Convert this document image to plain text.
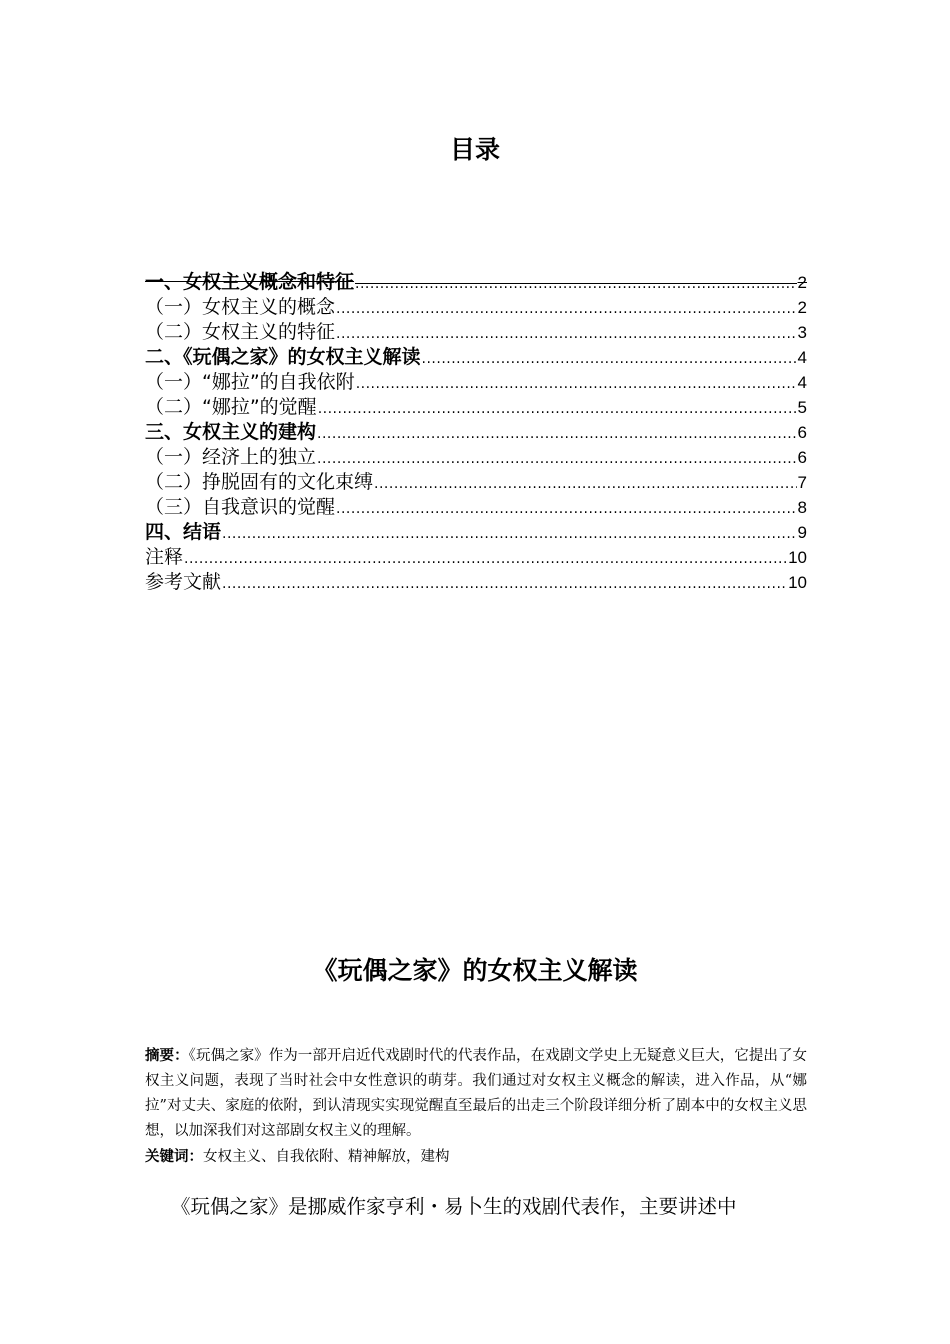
目录
一、女权主义概念和特征 .....	2
（一）女权主义的概念 .....	2
（二）女权主义的特征 .....	3
二、《玩偶之家》的女权主义解读 .....	4
（一）“娜拉”的自我依附 .....	4
（二）“娜拉”的觉醒 .....	5
三、女权主义的建构 .....	6
（一）经济上的独立 .....	6
（二）挣脱固有的文化束缚 .....	7
（三）自我意识的觉醒 .....	8
四、结语 .....	9
注释 .....	10
参考文献 .....	10
《玩偶之家》的女权主义解读
摘要：《玩偶之家》作为一部开启近代戏剧时代的代表作品，在戏剧文学史上无疑意义巨大，它提出了女权主义问题，表现了当时社会中女性意识的萌芽。我们通过对女权主义概念的解读，进入作品，从“娜拉”对丈夫、家庭的依附，到认清现实实现觉醒直至最后的出走三个阶段详细分析了剧本中的女权主义思想，以加深我们对这部剧女权主义的理解。
关键词：女权主义、自我依附、精神解放，建构
《玩偶之家》是挪威作家亨利・易卜生的戏剧代表作，主要讲述中
